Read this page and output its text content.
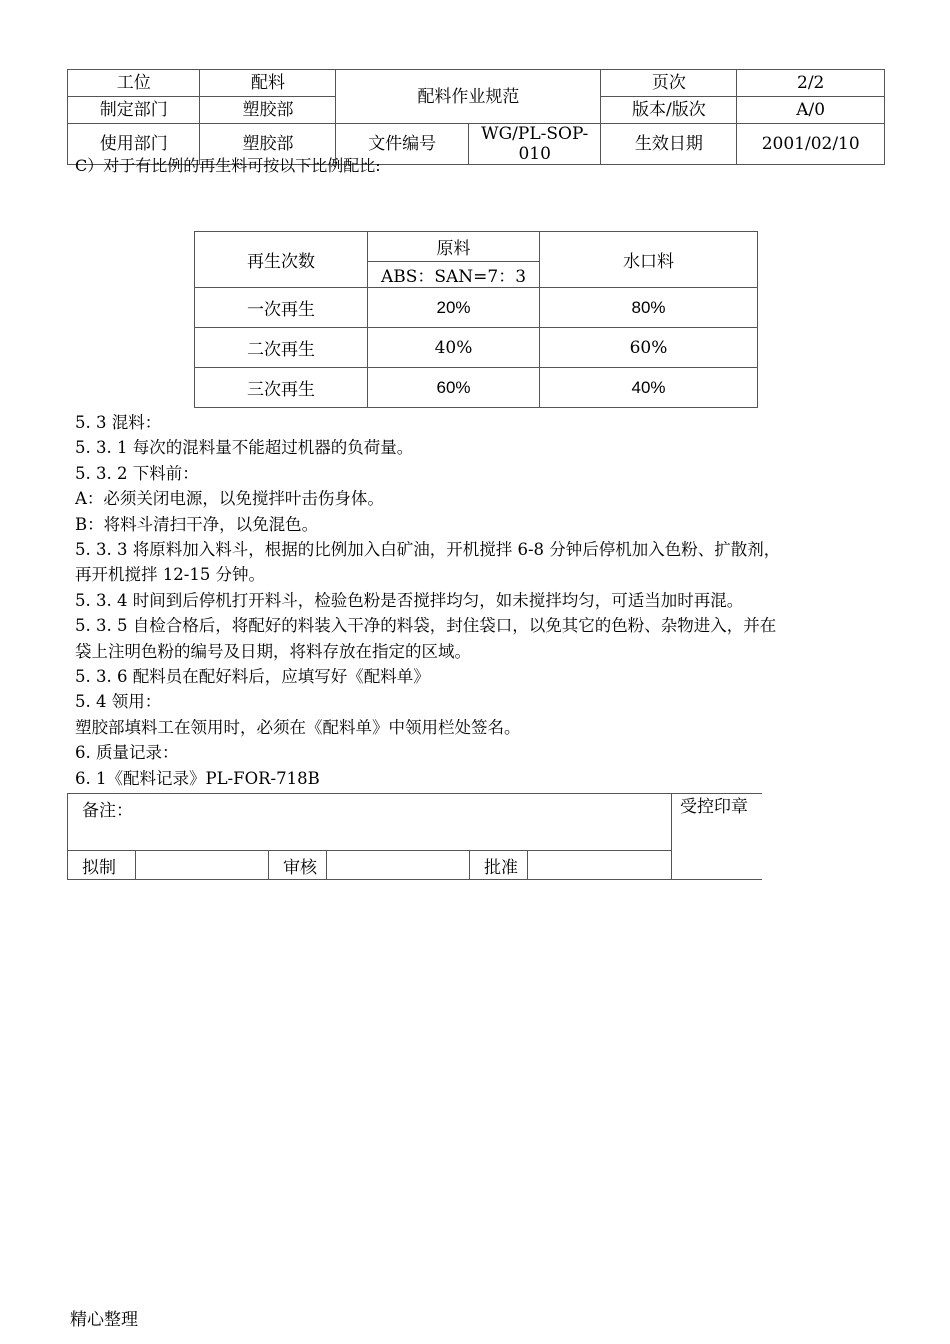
工位	配料	配料作业规范		页次	2/2
制定部门	塑胶部			版本/版次	A/0
使用部门	塑胶部	文件编号	WG/PL-SOP-010	生效日期	2001/02/10
C）对于有比例的再生料可按以下比例配比:
再生次数	原料	水口料
	ABS：SAN=7：3	
一次再生	20%	80%
二次再生	40%	60%
三次再生	60%	40%

5. 3 混料：

5. 3. 1 每次的混料量不能超过机器的负荷量。

5. 3. 2 下料前：

A：必须关闭电源，以免搅拌叶击伤身体。

B：将料斗清扫干净，以免混色。

5. 3. 3 将原料加入料斗，根据的比例加入白矿油，开机搅拌 6-8 分钟后停机加入色粉、扩散剂，

再开机搅拌 12-15 分钟。

5. 3. 4 时间到后停机打开料斗，检验色粉是否搅拌均匀，如未搅拌均匀，可适当加时再混。

5. 3. 5 自检合格后，将配好的料装入干净的料袋，封住袋口，以免其它的色粉、杂物进入，并在

袋上注明色粉的编号及日期，将料存放在指定的区域。

5. 3. 6 配料员在配好料后，应填写好《配料单》

5. 4 领用：

塑胶部填料工在领用时，必须在《配料单》中领用栏处签名。

6. 质量记录：

6. 1《配料记录》PL-FOR-718B

备注：						受控印章
拟制		审核		批准		
精心整理
